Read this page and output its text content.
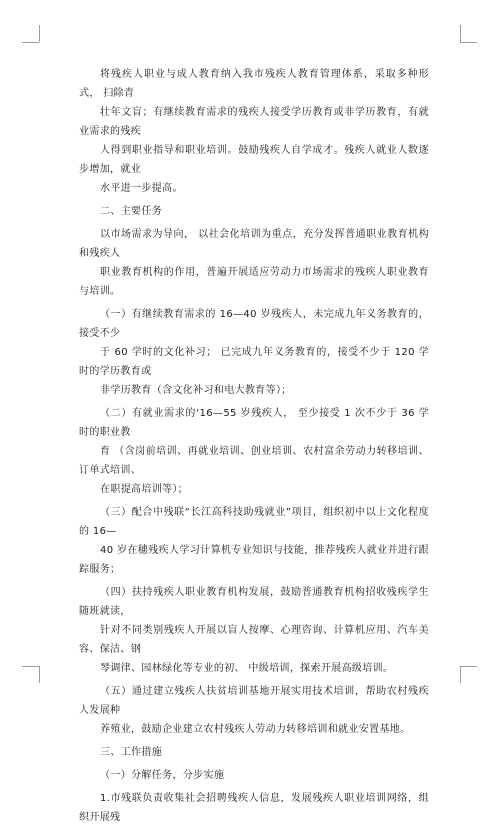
将残疾人职业与成人教育纳入我市残疾人教育管理体系，采取多种形式， 扫除青
壮年文盲；有继续教育需求的残疾人接受学历教育或非学历教育，有就业需求的残疾
人得到职业指导和职业培训。鼓励残疾人自学成才。残疾人就业人数逐步增加，就业
水平进一步提高。
二、主要任务
以市场需求为导向， 以社会化培训为重点，充分发挥普通职业教育机构和残疾人
职业教育机构的作用，普遍开展适应劳动力市场需求的残疾人职业教育与培训。
（一）有继续教育需求的 16—40 岁残疾人，未完成九年义务教育的，接受不少
于 60 学时的文化补习； 已完成九年义务教育的，接受不少于 120 学时的学历教育或
非学历教育（含文化补习和电大教育等）；
（二）有就业需求的‘16—55 岁残疾人， 至少接受 1 次不少于 36 学时的职业教
育 （含岗前培训、再就业培训、创业培训、农村富余劳动力转移培训、订单式培训、
在职提高培训等）；
（三）配合中残联“长江高科技助残就业”项目，组织初中以上文化程度的 16—
40 岁在穗残疾人学习计算机专业知识与技能，推荐残疾人就业并进行跟踪服务；
（四）扶持残疾人职业教育机构发展，鼓励普通教育机构招收残疾学生随班就读，
针对不同类别残疾人开展以盲人按摩、心理咨询、计算机应用、汽车美容、保洁、钢
琴调律、园林绿化等专业的初、 中级培训，探索开展高级培训。
（五）通过建立残疾人扶贫培训基地开展实用技术培训，帮助农村残疾人发展种
养殖业，鼓励企业建立农村残疾人劳动力转移培训和就业安置基地。
三、工作措施
（一）分解任务，分步实施
1.市残联负责收集社会招聘残疾人信息，发展残疾人职业培训网络，组织开展残
